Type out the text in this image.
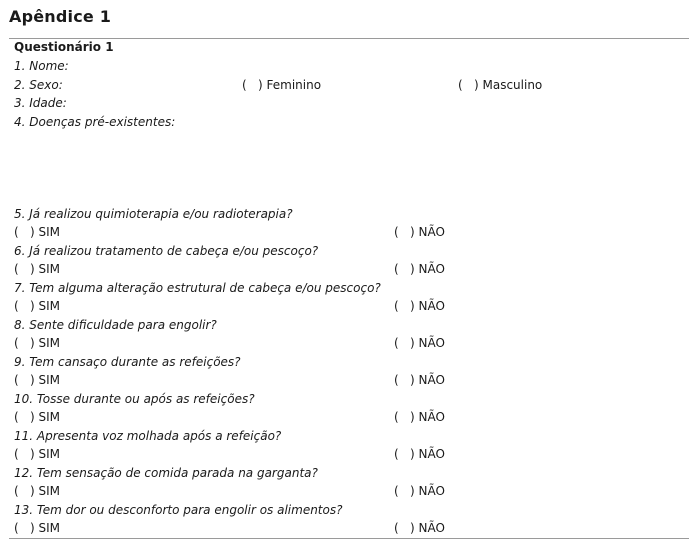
Apêndice 1
Questionário 1
1. Nome:
2. Sexo:	( ) Feminino	( ) Masculino
3. Idade:
4. Doenças pré-existentes:
5. Já realizou quimioterapia e/ou radioterapia?
( ) SIM	( ) NÃO
6. Já realizou tratamento de cabeça e/ou pescoço?
( ) SIM	( ) NÃO
7. Tem alguma alteração estrutural de cabeça e/ou pescoço?
( ) SIM	( ) NÃO
8. Sente dificuldade para engolir?
( ) SIM	( ) NÃO
9. Tem cansaço durante as refeições?
( ) SIM	( ) NÃO
10. Tosse durante ou após as refeições?
( ) SIM	( ) NÃO
11. Apresenta voz molhada após a refeição?
( ) SIM	( ) NÃO
12. Tem sensação de comida parada na garganta?
( ) SIM	( ) NÃO
13. Tem dor ou desconforto para engolir os alimentos?
( ) SIM	( ) NÃO
